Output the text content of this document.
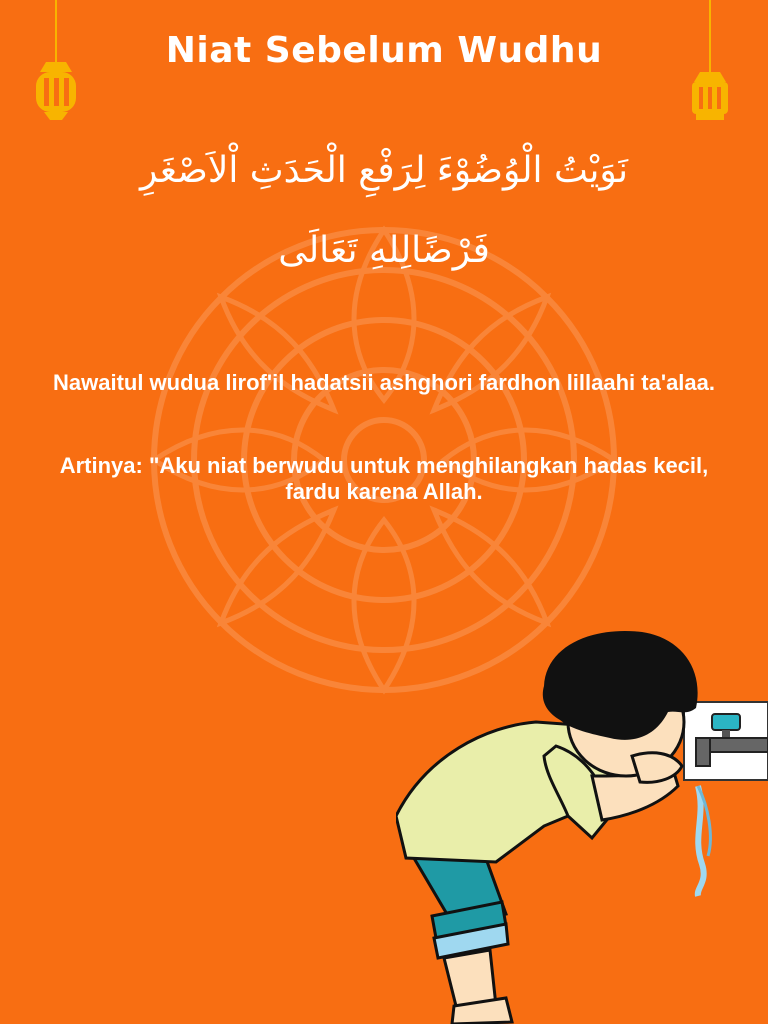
Niat Sebelum Wudhu
نَوَيْتُ الْوُضُوْءَ لِرَفْعِ الْحَدَثِ اْلاَصْغَرِ
فَرْضًالِلهِ تَعَالَى
Nawaitul wudua lirof'il hadatsii ashghori fardhon lillaahi ta'alaa.
Artinya: "Aku niat berwudu untuk menghilangkan hadas kecil, fardu karena Allah.
